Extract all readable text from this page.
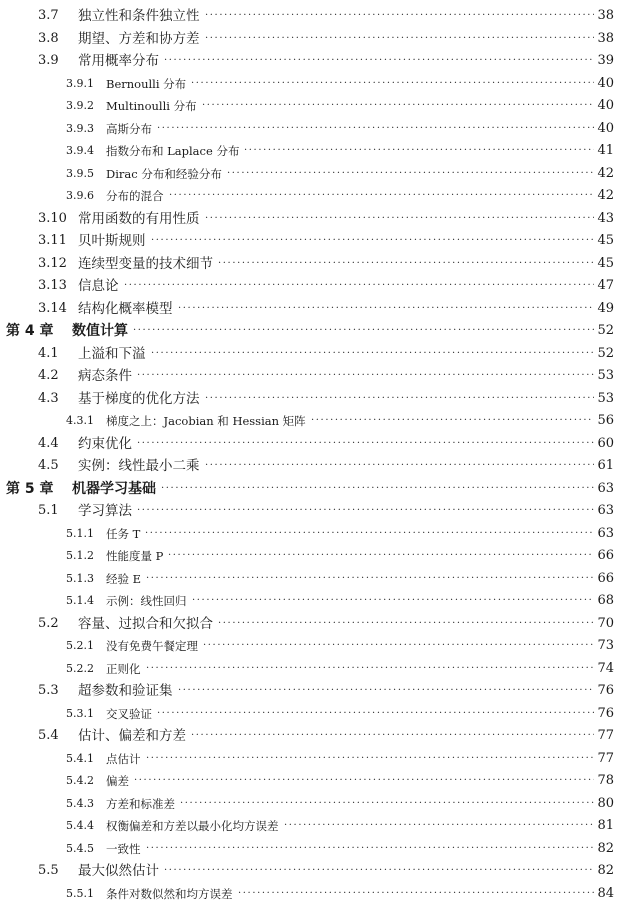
3.7 独立性和条件独立性 ·····	38
3.8 期望、方差和协方差 ·····	38
3.9 常用概率分布 ·····	39
3.9.1 Bernoulli 分布 ·····	40
3.9.2 Multinoulli 分布 ·····	40
3.9.3 高斯分布 ·····	40
3.9.4 指数分布和 Laplace 分布 ·····	41
3.9.5 Dirac 分布和经验分布 ·····	42
3.9.6 分布的混合 ·····	42
3.10 常用函数的有用性质 ·····	43
3.11 贝叶斯规则 ·····	45
3.12 连续型变量的技术细节 ·····	45
3.13 信息论 ·····	47
3.14 结构化概率模型 ·····	49
第 4 章 数值计算 ·····	52
4.1 上溢和下溢 ·····	52
4.2 病态条件 ·····	53
4.3 基于梯度的优化方法 ·····	53
4.3.1 梯度之上：Jacobian 和 Hessian 矩阵 ·····	56
4.4 约束优化 ·····	60
4.5 实例：线性最小二乘 ·····	61
第 5 章 机器学习基础 ·····	63
5.1 学习算法 ·····	63
5.1.1 任务 T ·····	63
5.1.2 性能度量 P ·····	66
5.1.3 经验 E ·····	66
5.1.4 示例：线性回归 ·····	68
5.2 容量、过拟合和欠拟合 ·····	70
5.2.1 没有免费午餐定理 ·····	73
5.2.2 正则化 ·····	74
5.3 超参数和验证集 ·····	76
5.3.1 交叉验证 ·····	76
5.4 估计、偏差和方差 ·····	77
5.4.1 点估计 ·····	77
5.4.2 偏差 ·····	78
5.4.3 方差和标准差 ·····	80
5.4.4 权衡偏差和方差以最小化均方误差 ·····	81
5.4.5 一致性 ·····	82
5.5 最大似然估计 ·····	82
5.5.1 条件对数似然和均方误差 ·····	84
